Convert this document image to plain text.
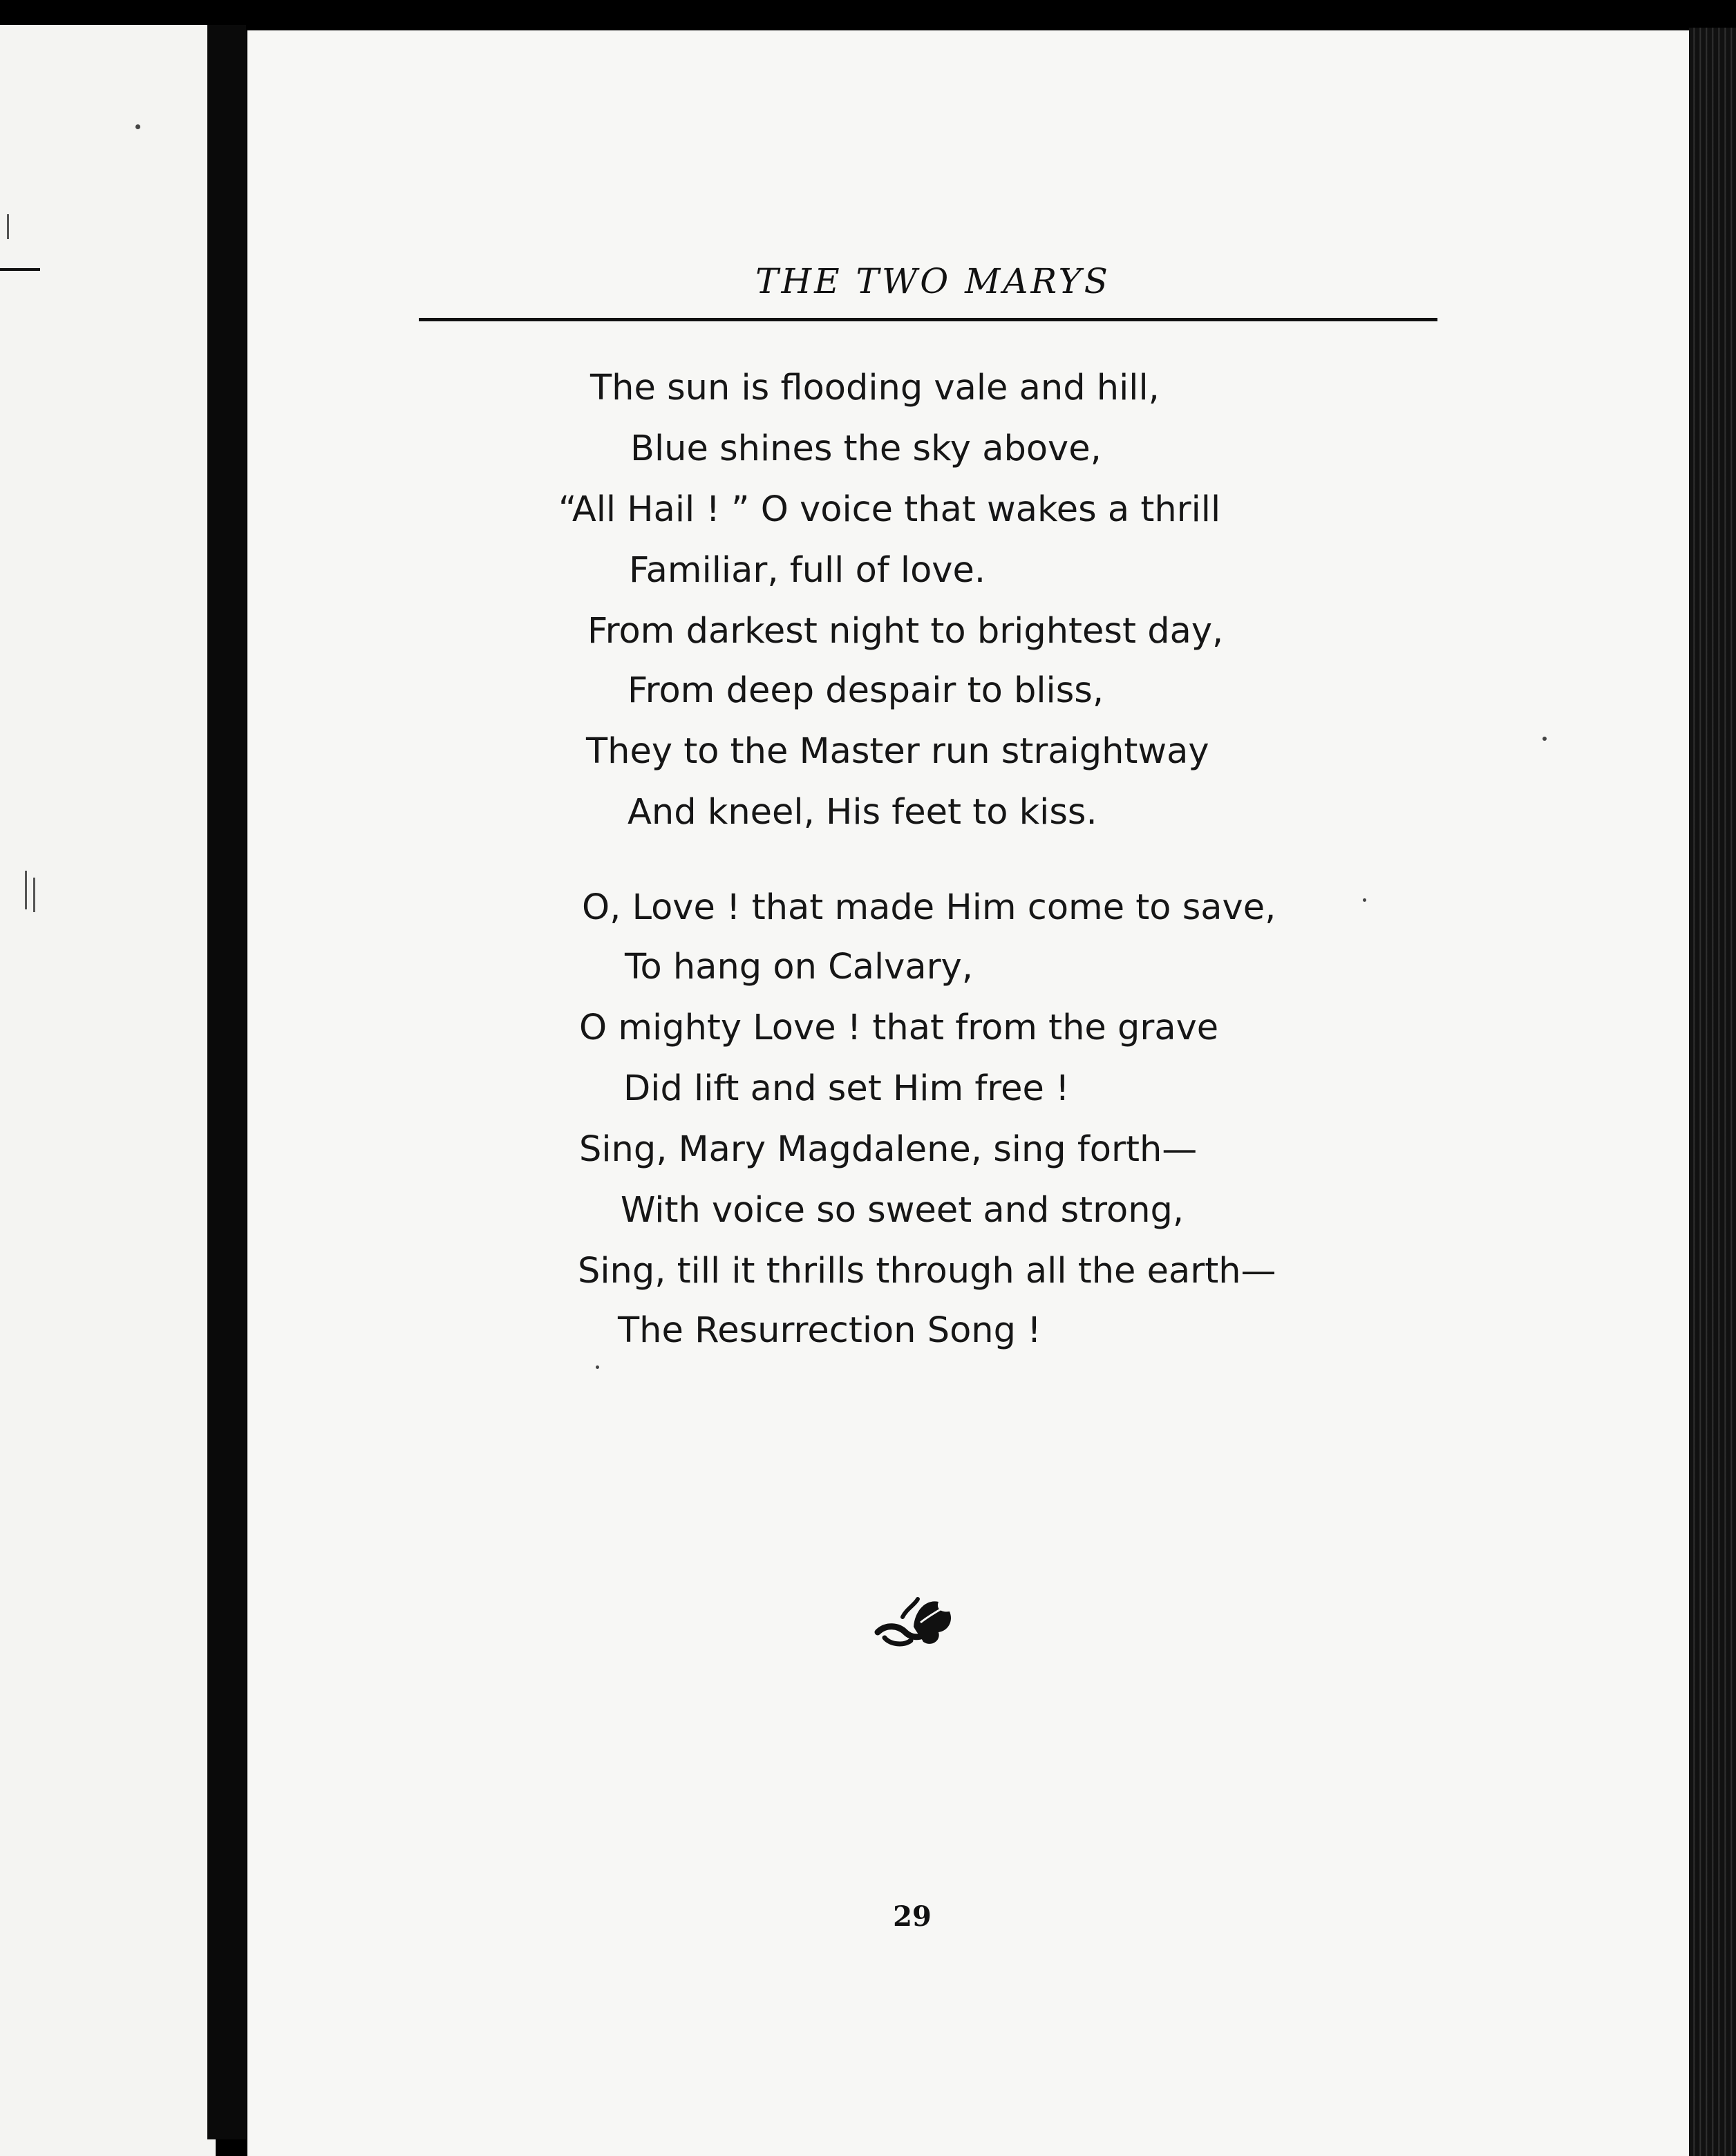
THE TWO MARYS
The sun is flooding vale and hill,
Blue shines the sky above,
“All Hail ! ” O voice that wakes a thrill
Familiar, full of love.
From darkest night to brightest day,
From deep despair to bliss,
They to the Master run straightway
And kneel, His feet to kiss.
O, Love ! that made Him come to save,
To hang on Calvary,
O mighty Love ! that from the grave
Did lift and set Him free !
Sing, Mary Magdalene, sing forth—
With voice so sweet and strong,
Sing, till it thrills through all the earth—
The Resurrection Song !
29
